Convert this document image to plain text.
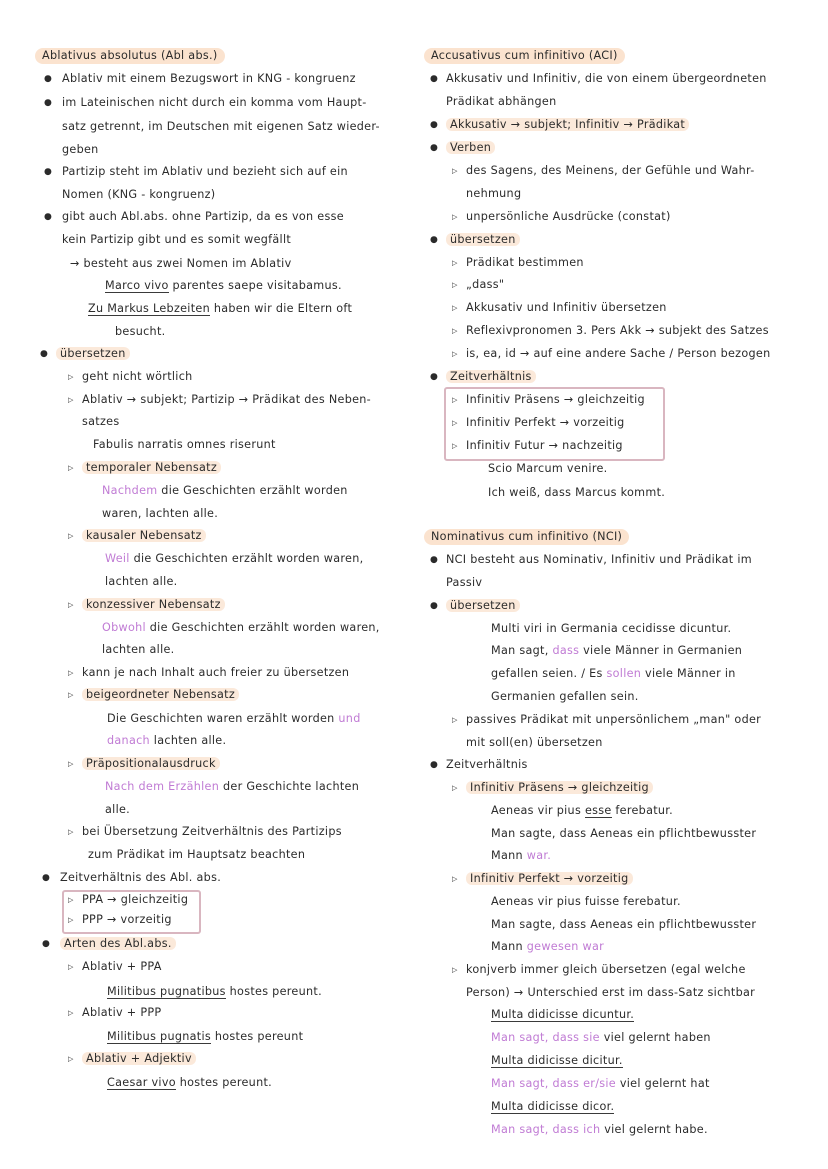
Ablativus absolutus (Abl abs.)
● Ablativ mit einem Bezugswort in KNG - kongruenz
● im Lateinischen nicht durch ein komma vom Haupt-
satz getrennt, im Deutschen mit eigenen Satz wieder-
geben
● Partizip steht im Ablativ und bezieht sich auf ein
Nomen (KNG - kongruenz)
● gibt auch Abl.abs. ohne Partizip, da es von esse
kein Partizip gibt und es somit wegfällt
→ besteht aus zwei Nomen im Ablativ
Marco vivo parentes saepe visitabamus.
Zu Markus Lebzeiten haben wir die Eltern oft
besucht.
●	übersetzen
▷ geht nicht wörtlich
▷ Ablativ → subjekt; Partizip → Prädikat des Neben-
satzes
Fabulis narratis omnes riserunt
▷	temporaler Nebensatz
Nachdem die Geschichten erzählt worden
waren, lachten alle.
▷	kausaler Nebensatz
Weil die Geschichten erzählt worden waren,
lachten alle.
▷	konzessiver Nebensatz
Obwohl die Geschichten erzählt worden waren,
lachten alle.
▷ kann je nach Inhalt auch freier zu übersetzen
▷	beigeordneter Nebensatz
Die Geschichten waren erzählt worden und
danach lachten alle.
▷	Präpositionalausdruck
Nach dem Erzählen der Geschichte lachten
alle.
▷ bei Übersetzung Zeitverhältnis des Partizips
zum Prädikat im Hauptsatz beachten
● Zeitverhältnis des Abl. abs.
▷ PPA → gleichzeitig
▷ PPP → vorzeitig
●	Arten des Abl.abs.
▷ Ablativ + PPA
Militibus pugnatibus hostes pereunt.
▷ Ablativ + PPP
Militibus pugnatis hostes pereunt
▷	Ablativ + Adjektiv
Caesar vivo hostes pereunt.
Accusativus cum infinitivo (ACI)
● Akkusativ und Infinitiv, die von einem übergeordneten
Prädikat abhängen
●	Akkusativ → subjekt; Infinitiv → Prädikat
●	Verben
▷ des Sagens, des Meinens, der Gefühle und Wahr-
nehmung
▷ unpersönliche Ausdrücke (constat)
●	übersetzen
▷ Prädikat bestimmen
▷ „dass"
▷ Akkusativ und Infinitiv übersetzen
▷ Reflexivpronomen 3. Pers Akk → subjekt des Satzes
▷ is, ea, id → auf eine andere Sache / Person bezogen
●	Zeitverhältnis
▷ Infinitiv Präsens → gleichzeitig
▷ Infinitiv Perfekt → vorzeitig
▷ Infinitiv Futur → nachzeitig
Scio Marcum venire.
Ich weiß, dass Marcus kommt.
Nominativus cum infinitivo (NCI)
● NCI besteht aus Nominativ, Infinitiv und Prädikat im
Passiv
●	übersetzen
Multi viri in Germania cecidisse dicuntur.
Man sagt, dass viele Männer in Germanien
gefallen seien. / Es sollen viele Männer in
Germanien gefallen sein.
▷ passives Prädikat mit unpersönlichem „man" oder
mit soll(en) übersetzen
● Zeitverhältnis
▷	Infinitiv Präsens → gleichzeitig
Aeneas vir pius esse ferebatur.
Man sagte, dass Aeneas ein pflichtbewusster
Mann war.
▷	Infinitiv Perfekt → vorzeitig
Aeneas vir pius fuisse ferebatur.
Man sagte, dass Aeneas ein pflichtbewusster
Mann gewesen war
▷ konjverb immer gleich übersetzen (egal welche
Person) → Unterschied erst im dass-Satz sichtbar
Multa didicisse dicuntur.
Man sagt, dass sie viel gelernt haben
Multa didicisse dicitur.
Man sagt, dass er/sie viel gelernt hat
Multa didicisse dicor.
Man sagt, dass ich viel gelernt habe.
